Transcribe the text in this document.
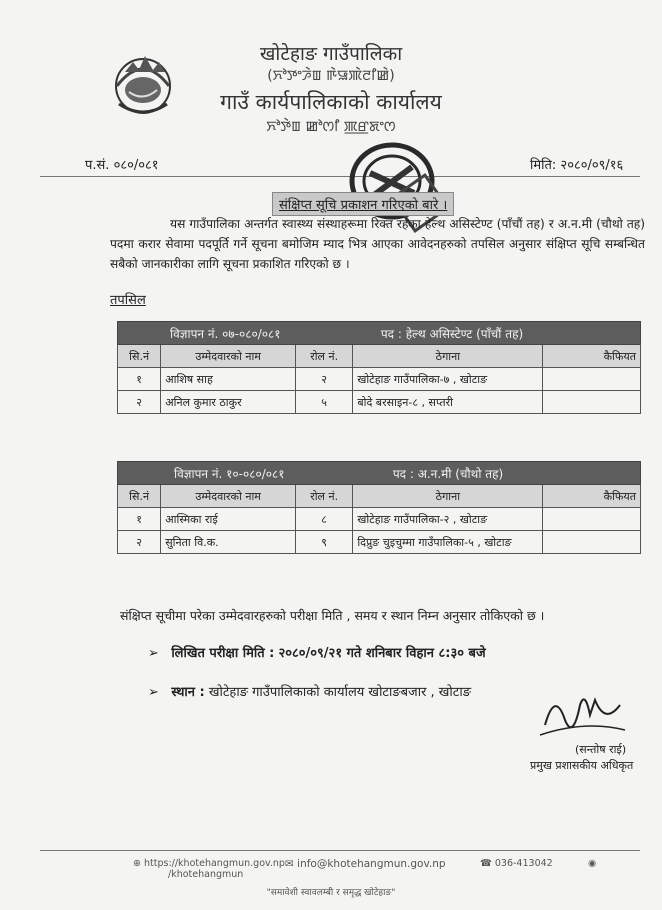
खोटेहाङ गाउँपालिका
(ꯈꯣꯇꯦꯍꯥꯡ ꯒꯥꯎꯄꯥꯂꯤꯀꯥ)
गाउँ कार्यपालिकाको कार्यालय
ꯈꯣꯇꯥꯡ ꯀꯣꯁꯤ ꯄ꯭ꯔꯗꯦꯁ
प.सं. ०८०/०८१	मिति: २०८०/०९/१६
संक्षिप्त सूचि प्रकाशन गरिएको बारे ।
यस गाउँपालिका अन्तर्गत स्वास्थ्य संस्थाहरूमा रिक्त रहेका हेल्थ असिस्टेण्ट (पाँचौं तह) र अ.न.मी (चौथो तह) पदमा करार सेवामा पदपूर्ति गर्ने सूचना बमोजिम म्याद भित्र आएका आवेदनहरुको तपसिल अनुसार संक्षिप्त सूचि सम्बन्धित सबैको जानकारीका लागि सूचना प्रकाशित गरिएको छ ।
तपसिल
विज्ञापन नं. ०७-०८०/०८१ पद : हेल्थ असिस्टेण्ट (पाँचौं तह)				
सि.नं	उम्मेदवारको नाम	रोल नं.	ठेगाना	कैफियत
१	आशिष साह	२	खोटेहाङ गाउँपालिका-७ , खोटाङ	
२	अनिल कुमार ठाकुर	५	बोदे बरसाइन-८ , सप्तरी	
विज्ञापन नं. १०-०८०/०८१ पद : अ.न.मी (चौथो तह)				
सि.नं	उम्मेदवारको नाम	रोल नं.	ठेगाना	कैफियत
१	आस्मिका राई	८	खोटेहाङ गाउँपालिका-२ , खोटाङ	
२	सुनिता वि.क.	९	दिप्रुङ चुइचुम्मा गाउँपालिका-५ , खोटाङ	
संक्षिप्त सूचीमा परेका उम्मेदवारहरुको परीक्षा मिति , समय र स्थान निम्न अनुसार तोकिएको छ ।
➢ लिखित परीक्षा मिति : २०८०/०९/२१ गते शनिबार विहान ८:३० बजे
➢ स्थान : खोटेहाङ गाउँपालिकाको कार्यालय खोटाङबजार , खोटाङ
(सन्तोष राई)
प्रमुख प्रशासकीय अधिकृत
⊕ https://khotehangmun.gov.np
/khotehangmun
✉ info@khotehangmun.gov.np	☎ 036-413042	◉
"समावेशी स्वावलम्बी र समृद्ध खोटेहाङ"
